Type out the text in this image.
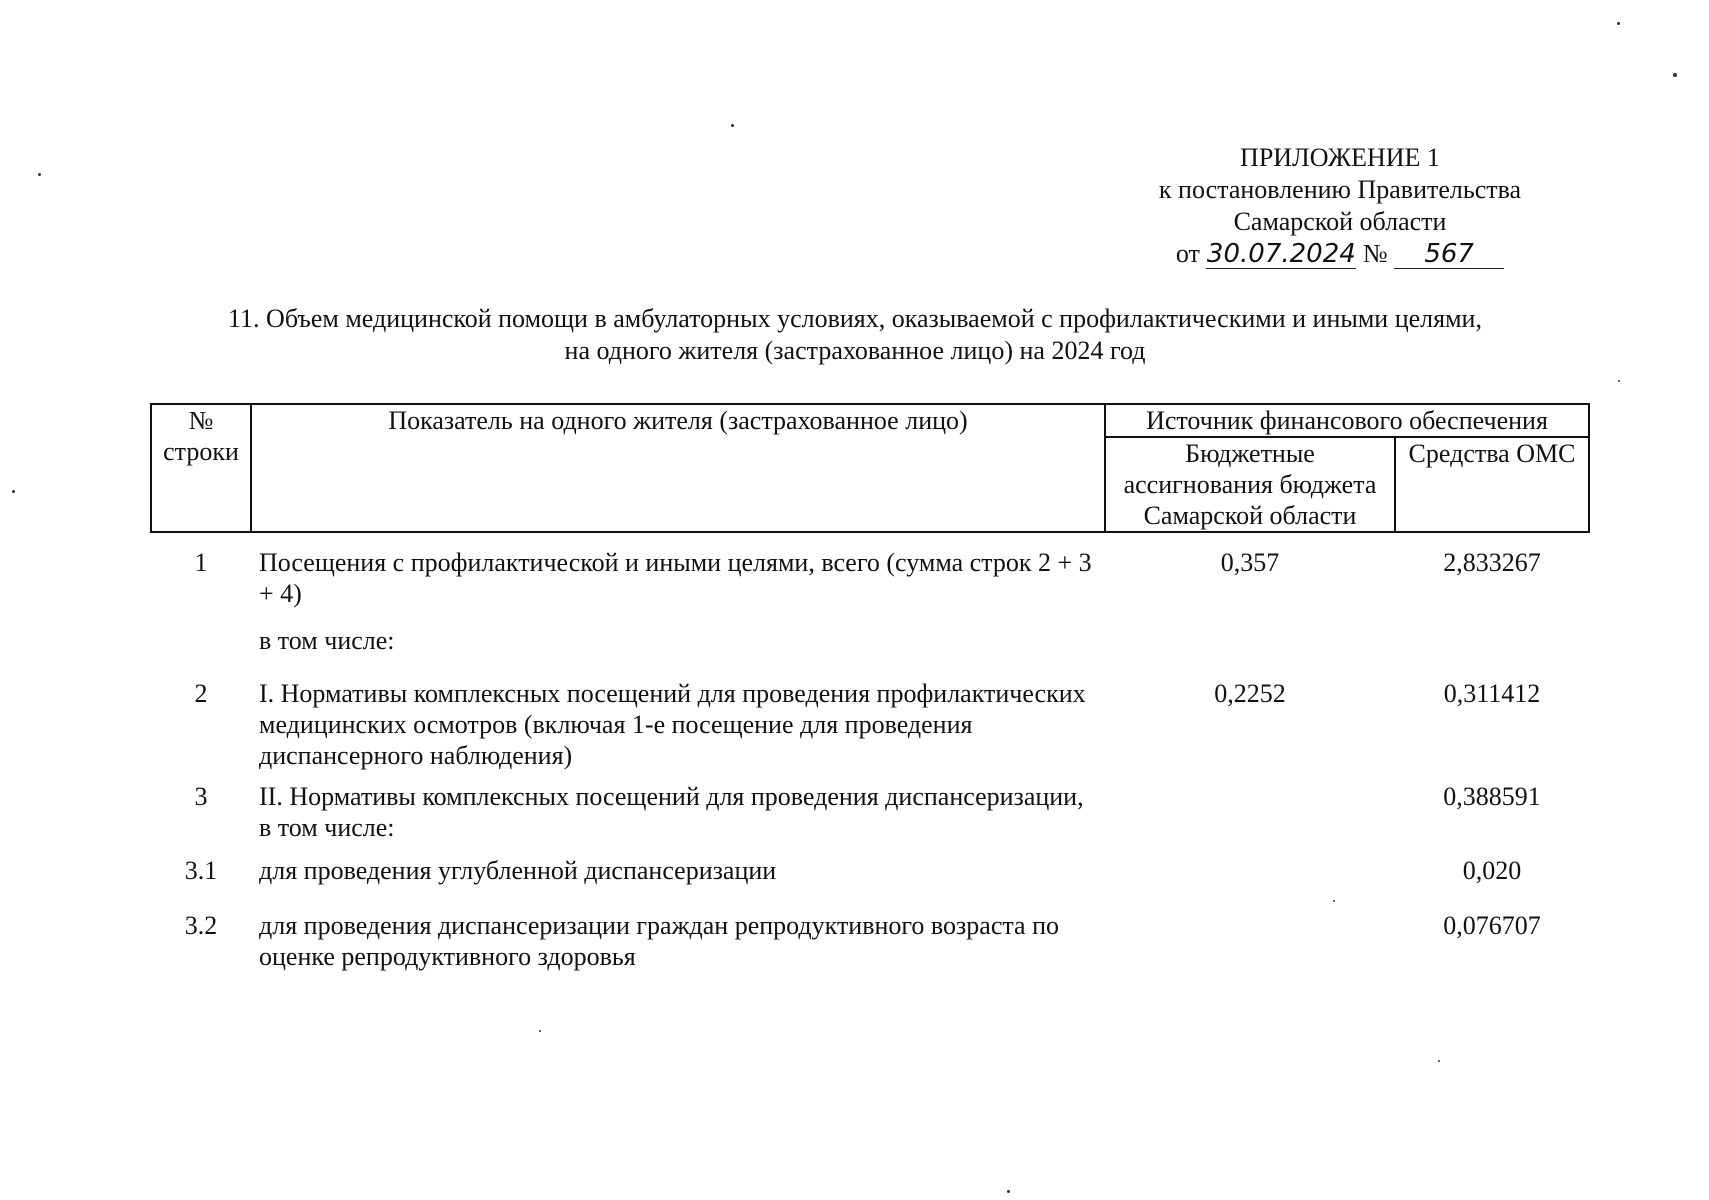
ПРИЛОЖЕНИЕ 1
к постановлению Правительства
Самарской области
от 30.07.2024 № 567
11. Объем медицинской помощи в амбулаторных условиях, оказываемой с профилактическими и иными целями,
на одного жителя (застрахованное лицо) на 2024 год
№ строки	Показатель на одного жителя (застрахованное лицо)	Источник финансового обеспечения	
		Бюджетные ассигнования бюджета Самарской области	Средства ОМС
1	Посещения с профилактической и иными целями, всего (сумма строк 2 + 3 + 4)	0,357	2,833267
	в том числе:		
2	I. Нормативы комплексных посещений для проведения профилактических медицинских осмотров (включая 1-е посещение для проведения диспансерного наблюдения)	0,2252	0,311412
3	II. Нормативы комплексных посещений для проведения диспансеризации, в том числе:		0,388591
3.1	для проведения углубленной диспансеризации		0,020
3.2	для проведения диспансеризации граждан репродуктивного возраста по оценке репродуктивного здоровья		0,076707
